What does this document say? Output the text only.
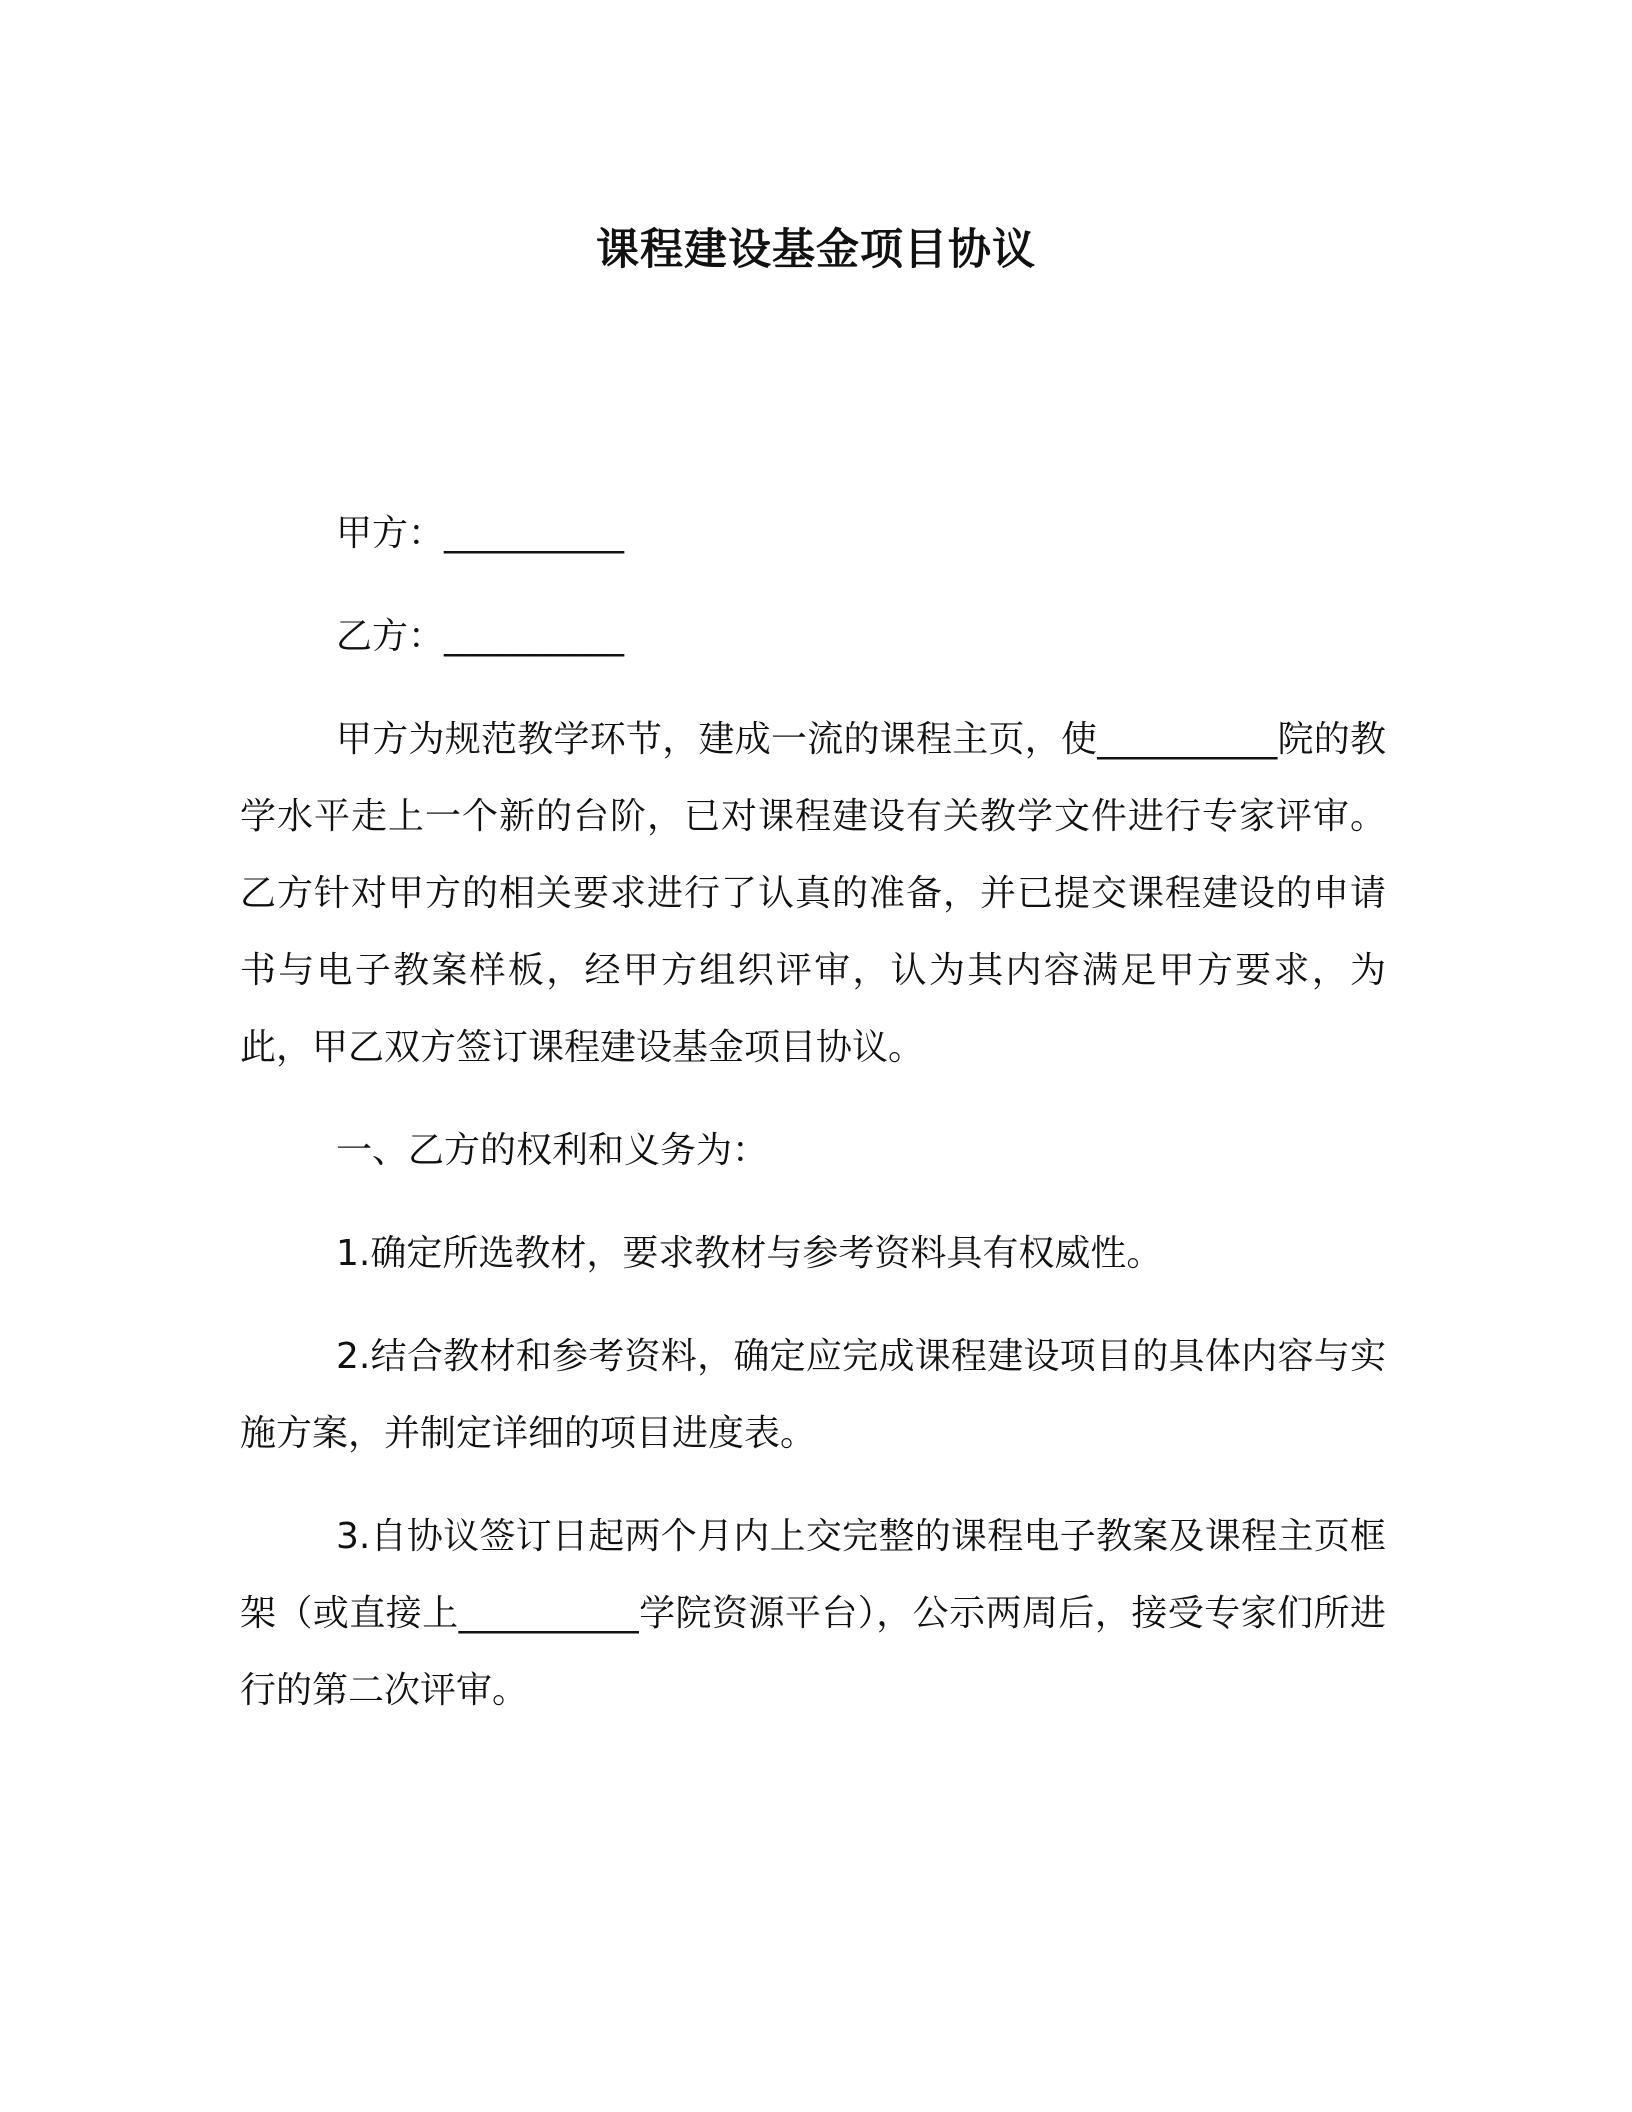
课程建设基金项目协议

甲方：__________

乙方：__________

甲方为规范教学环节，建成一流的课程主页，使__________院的教学水平走上一个新的台阶，已对课程建设有关教学文件进行专家评审。乙方针对甲方的相关要求进行了认真的准备，并已提交课程建设的申请书与电子教案样板，经甲方组织评审，认为其内容满足甲方要求，为此，甲乙双方签订课程建设基金项目协议。

一、乙方的权利和义务为：

1.确定所选教材，要求教材与参考资料具有权威性。

2.结合教材和参考资料，确定应完成课程建设项目的具体内容与实施方案，并制定详细的项目进度表。

3.自协议签订日起两个月内上交完整的课程电子教案及课程主页框架（或直接上__________学院资源平台），公示两周后，接受专家们所进行的第二次评审。
